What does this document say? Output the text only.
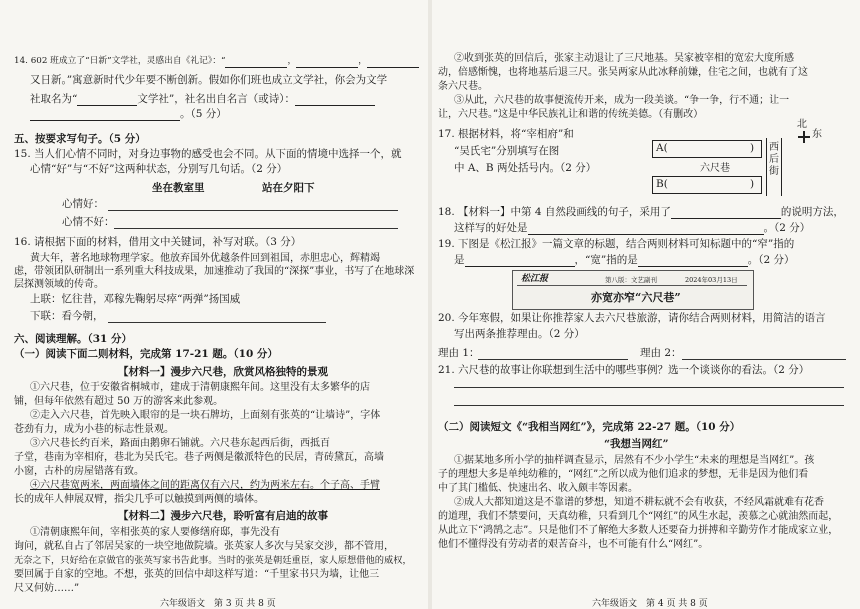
14. 602 班成立了“日新”文学社，灵感出自《礼记》：“	，	，
又日新。”寓意新时代少年要不断创新。假如你们班也成立文学社，你会为文学
社取名为“	文学社”，社名出自名言（或诗）：
。（5 分）
五、按要求写句子。（5 分）
15. 当人们心情不同时，对身边事物的感受也会不同。从下面的情境中选择一个，就
心情“好”与“不好”这两种状态，分别写几句话。（2 分）
坐在教室里	站在夕阳下
心情好：
心情不好：
16. 请根据下面的材料，借用文中关键词，补写对联。（3 分）
黄大年，著名地球物理学家。他放弃国外优越条件回到祖国，赤胆忠心，辉精竭
虑，带领团队研制出一系列重大科技成果，加速推动了我国的“深探”事业，书写了在地球深
层探测领域的传奇。
上联：忆往昔，邓稼先鞠躬尽瘁“两弹”扬国威
下联：看今朝，
六、阅读理解。（31 分）
（一）阅读下面二则材料，完成第 17-21 题。（10 分）
【材料一】漫步六尺巷，欣赏风格独特的景观
①六尺巷，位于安徽省桐城市，建成于清朝康熙年间。这里没有太多繁华的店
铺，但每年依然有超过 50 万的游客来此参观。
②走入六尺巷，首先映入眼帘的是一块石牌坊，上面刻有张英的“让墙诗”，字体
苍劲有力，成为小巷的标志性景观。
③六尺巷长约百米，路面由鹅卵石铺就。六尺巷东起西后街，西抵百
子堂，巷南为宰相府，巷北为吴氏宅。巷子两侧是徽派特色的民居，青砖黛瓦，高墙
小窗，古朴的房屋错落有致。
④六尺巷宽两米，两面墙体之间的距离仅有六尺，约为两米左右。个子高、手臂
长的成年人伸展双臂，指尖几乎可以触摸到两侧的墙体。
【材料二】漫步六尺巷，聆听富有启迪的故事
①清朝康熙年间，宰相张英的家人要修缮府邸，事先没有
询问，就私自占了邻居吴家的一块空地做院墙。张英家人多次与吴家交涉，都不管用，
无奈之下，只好给在京做官的张英写家书告此事。当时的张英是朝廷重臣，家人原想借他的威权，
要回属于自家的空地。不想，张英的回信中却这样写道：“千里家书只为墙，让他三
尺又何妨……”
六年级语文　第 3 页 共 8 页
②收到张英的回信后，张家主动退让了三尺地基。吴家被宰相的宽宏大度所感
动，倍感惭愧，也将地基后退三尺。张吴两家从此冰释前嫌，住宅之间，也就有了这
条六尺巷。
③从此，六尺巷的故事便流传开来，成为一段美谈。“争一争，行不通；让一
让，六尺巷。”这是中华民族礼让和谐的传统美德。（有删改）
17. 根据材料，将“宰相府”和
“吴氏宅”分别填写在图
中 A、B 两处括号内。（2 分）
北
东
A(	)
六尺巷
B(	)
西后街
18. 【材料一】中第 4 自然段画线的句子，采用了	的说明方法，
这样写的好处是	。（2 分）
19. 下图是《松江报》一篇文章的标题，结合两则材料可知标题中的“窄”指的
是	，“宽”指的是	。（2 分）
松江报	第八版：文艺副刊	2024年03月13日
亦宽亦窄“六尺巷”
20. 今年寒假，如果让你推荐家人去六尺巷旅游，请你结合两则材料，用简洁的语言
写出两条推荐理由。（2 分）
理由 1：	理由 2：
21. 六尺巷的故事让你联想到生活中的哪些事例？选一个谈谈你的看法。（2 分）
（二）阅读短文《“我相当网红”》，完成第 22-27 题。（10 分）
“我想当网红”
①据某地多所小学的抽样调查显示，居然有不少小学生“未来的理想是当网红”。孩
子的理想大多是单纯幼稚的，“网红”之所以成为他们追求的梦想，无非是因为他们看
中了其门槛低、快速出名、收入颇丰等因素。
②成人大都知道这是不靠谱的梦想，知道不耕耘就不会有收获，不经风霜就难有花香
的道理，我们不禁要问，天真幼稚，只看到几个“网红”的风生水起，羡慕之心就油然而起，
从此立下“鸿鹄之志”。只是他们不了解绝大多数人还要奋力拼搏和辛勤劳作才能成家立业，
他们不懂得没有劳动者的艰苦奋斗，也不可能有什么“网红”。
六年级语文　第 4 页 共 8 页
